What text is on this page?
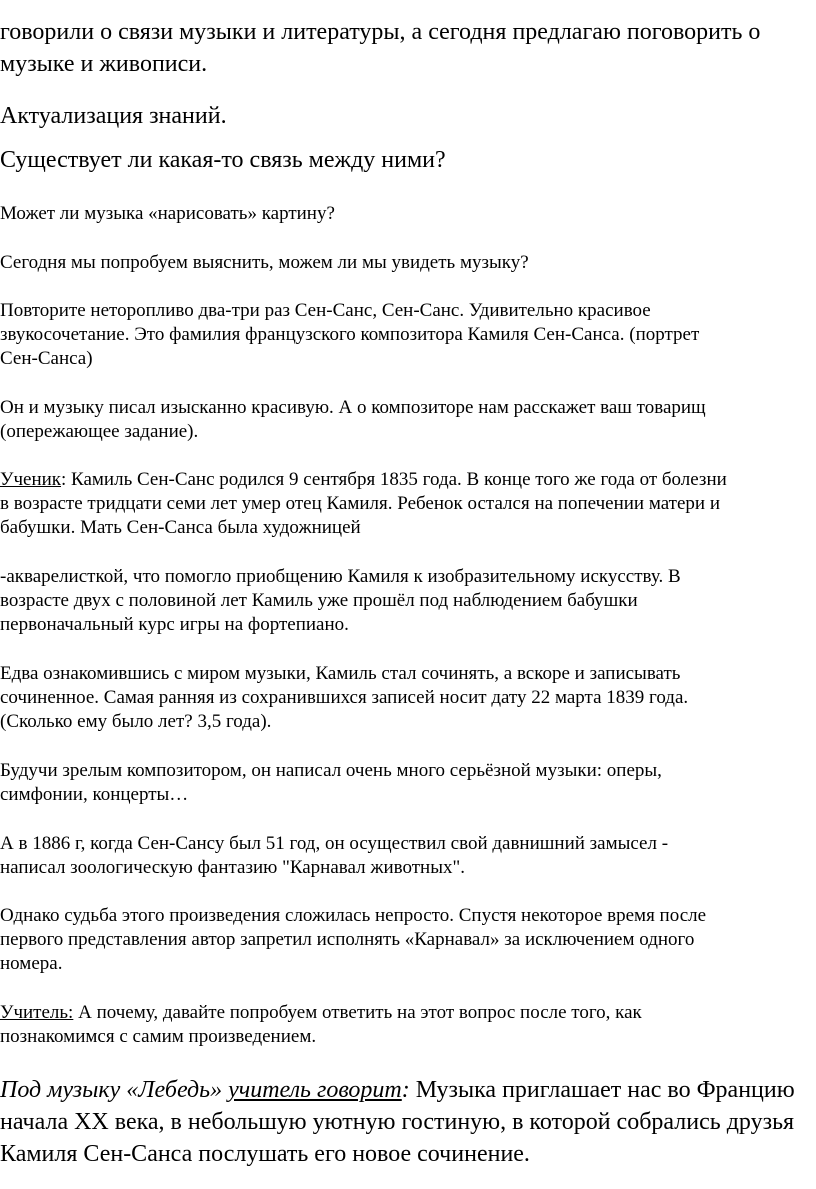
говорили о связи музыки и литературы, а сегодня предлагаю поговорить о
музыке и живописи.
Актуализация знаний.
Существует ли какая-то связь между ними?
Может ли музыка «нарисовать» картину?
Сегодня мы попробуем выяснить, можем ли мы увидеть музыку?
Повторите неторопливо два-три раз Сен-Санс, Сен-Санс. Удивительно красивое
звукосочетание. Это фамилия французского композитора Камиля Сен-Санса. (портрет
Сен-Санса)
Он и музыку писал изысканно красивую. А о композиторе нам расскажет ваш товарищ
(опережающее задание).
Ученик: Камиль Сен-Санс родился 9 сентября 1835 года. В конце того же года от болезни
в возрасте тридцати семи лет умер отец Камиля. Ребенок остался на попечении матери и
бабушки. Мать Сен-Санса была художницей
-акварелисткой, что помогло приобщению Камиля к изобразительному искусству. В
возрасте двух с половиной лет Камиль уже прошёл под наблюдением бабушки
первоначальный курс игры на фортепиано.
Едва ознакомившись с миром музыки, Камиль стал сочинять, а вскоре и записывать
сочиненное. Самая ранняя из сохранившихся записей носит дату 22 марта 1839 года.
(Сколько ему было лет? 3,5 года).
Будучи зрелым композитором, он написал очень много серьёзной музыки: оперы,
симфонии, концерты…
А в 1886 г, когда Сен-Сансу был 51 год, он осуществил свой давнишний замысел -
написал зоологическую фантазию "Карнавал животных".
Однако судьба этого произведения сложилась непросто. Спустя некоторое время после
первого представления автор запретил исполнять «Карнавал» за исключением одного
номера.
Учитель: А почему, давайте попробуем ответить на этот вопрос после того, как
познакомимся с самим произведением.
Под музыку «Лебедь» учитель говорит: Музыка приглашает нас во Францию
начала XX века, в небольшую уютную гостиную, в которой собрались друзья
Камиля Сен-Санса послушать его новое сочинение.
